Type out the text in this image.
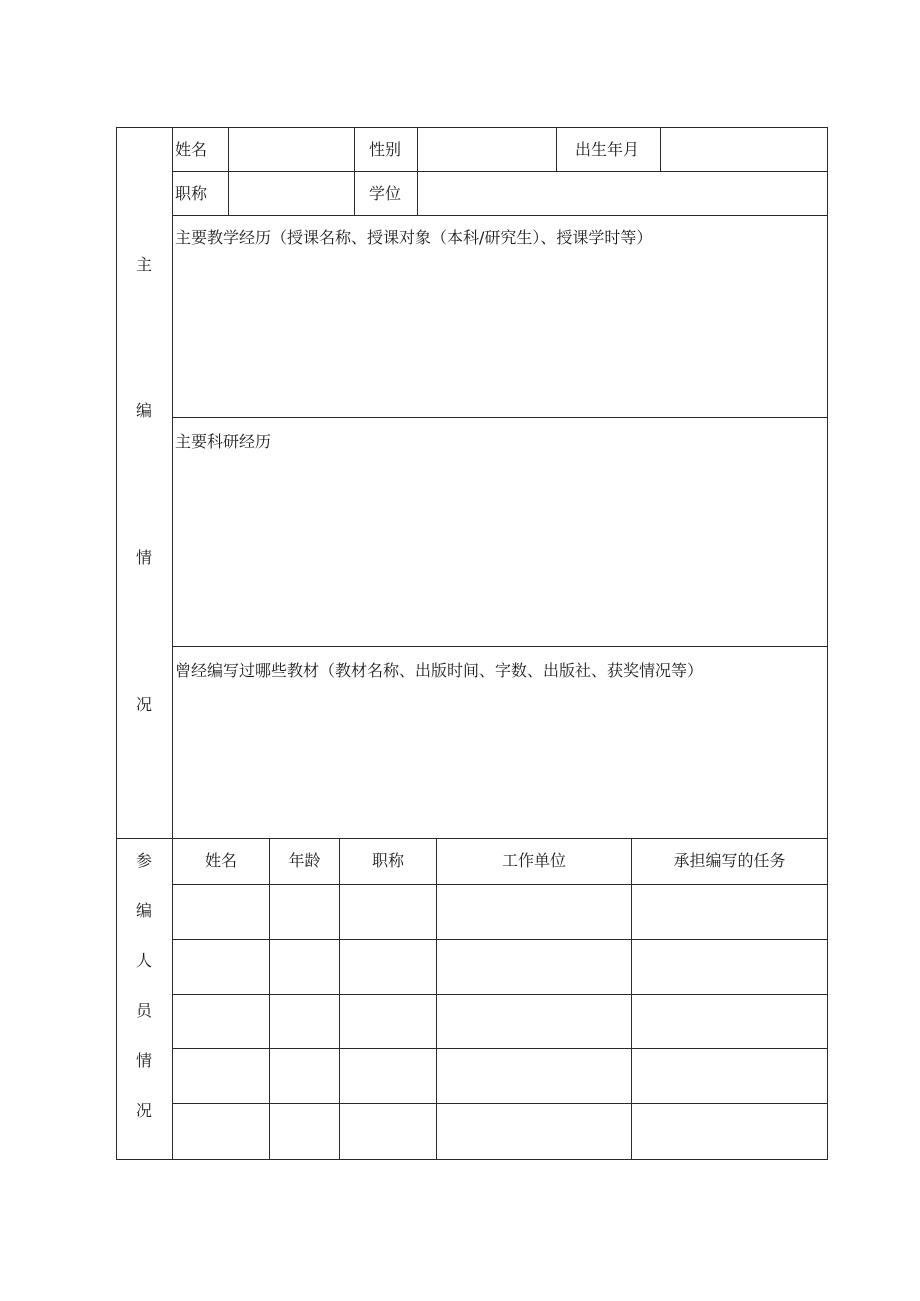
主
编
情
况
姓名	性别	出生年月
职称	学位
主要教学经历（授课名称、授课对象（本科/研究生）、授课学时等）
主要科研经历
曾经编写过哪些教材（教材名称、出版时间、字数、出版社、获奖情况等）
参
编
人
员
情
况
姓名	年龄	职称	工作单位	承担编写的任务
